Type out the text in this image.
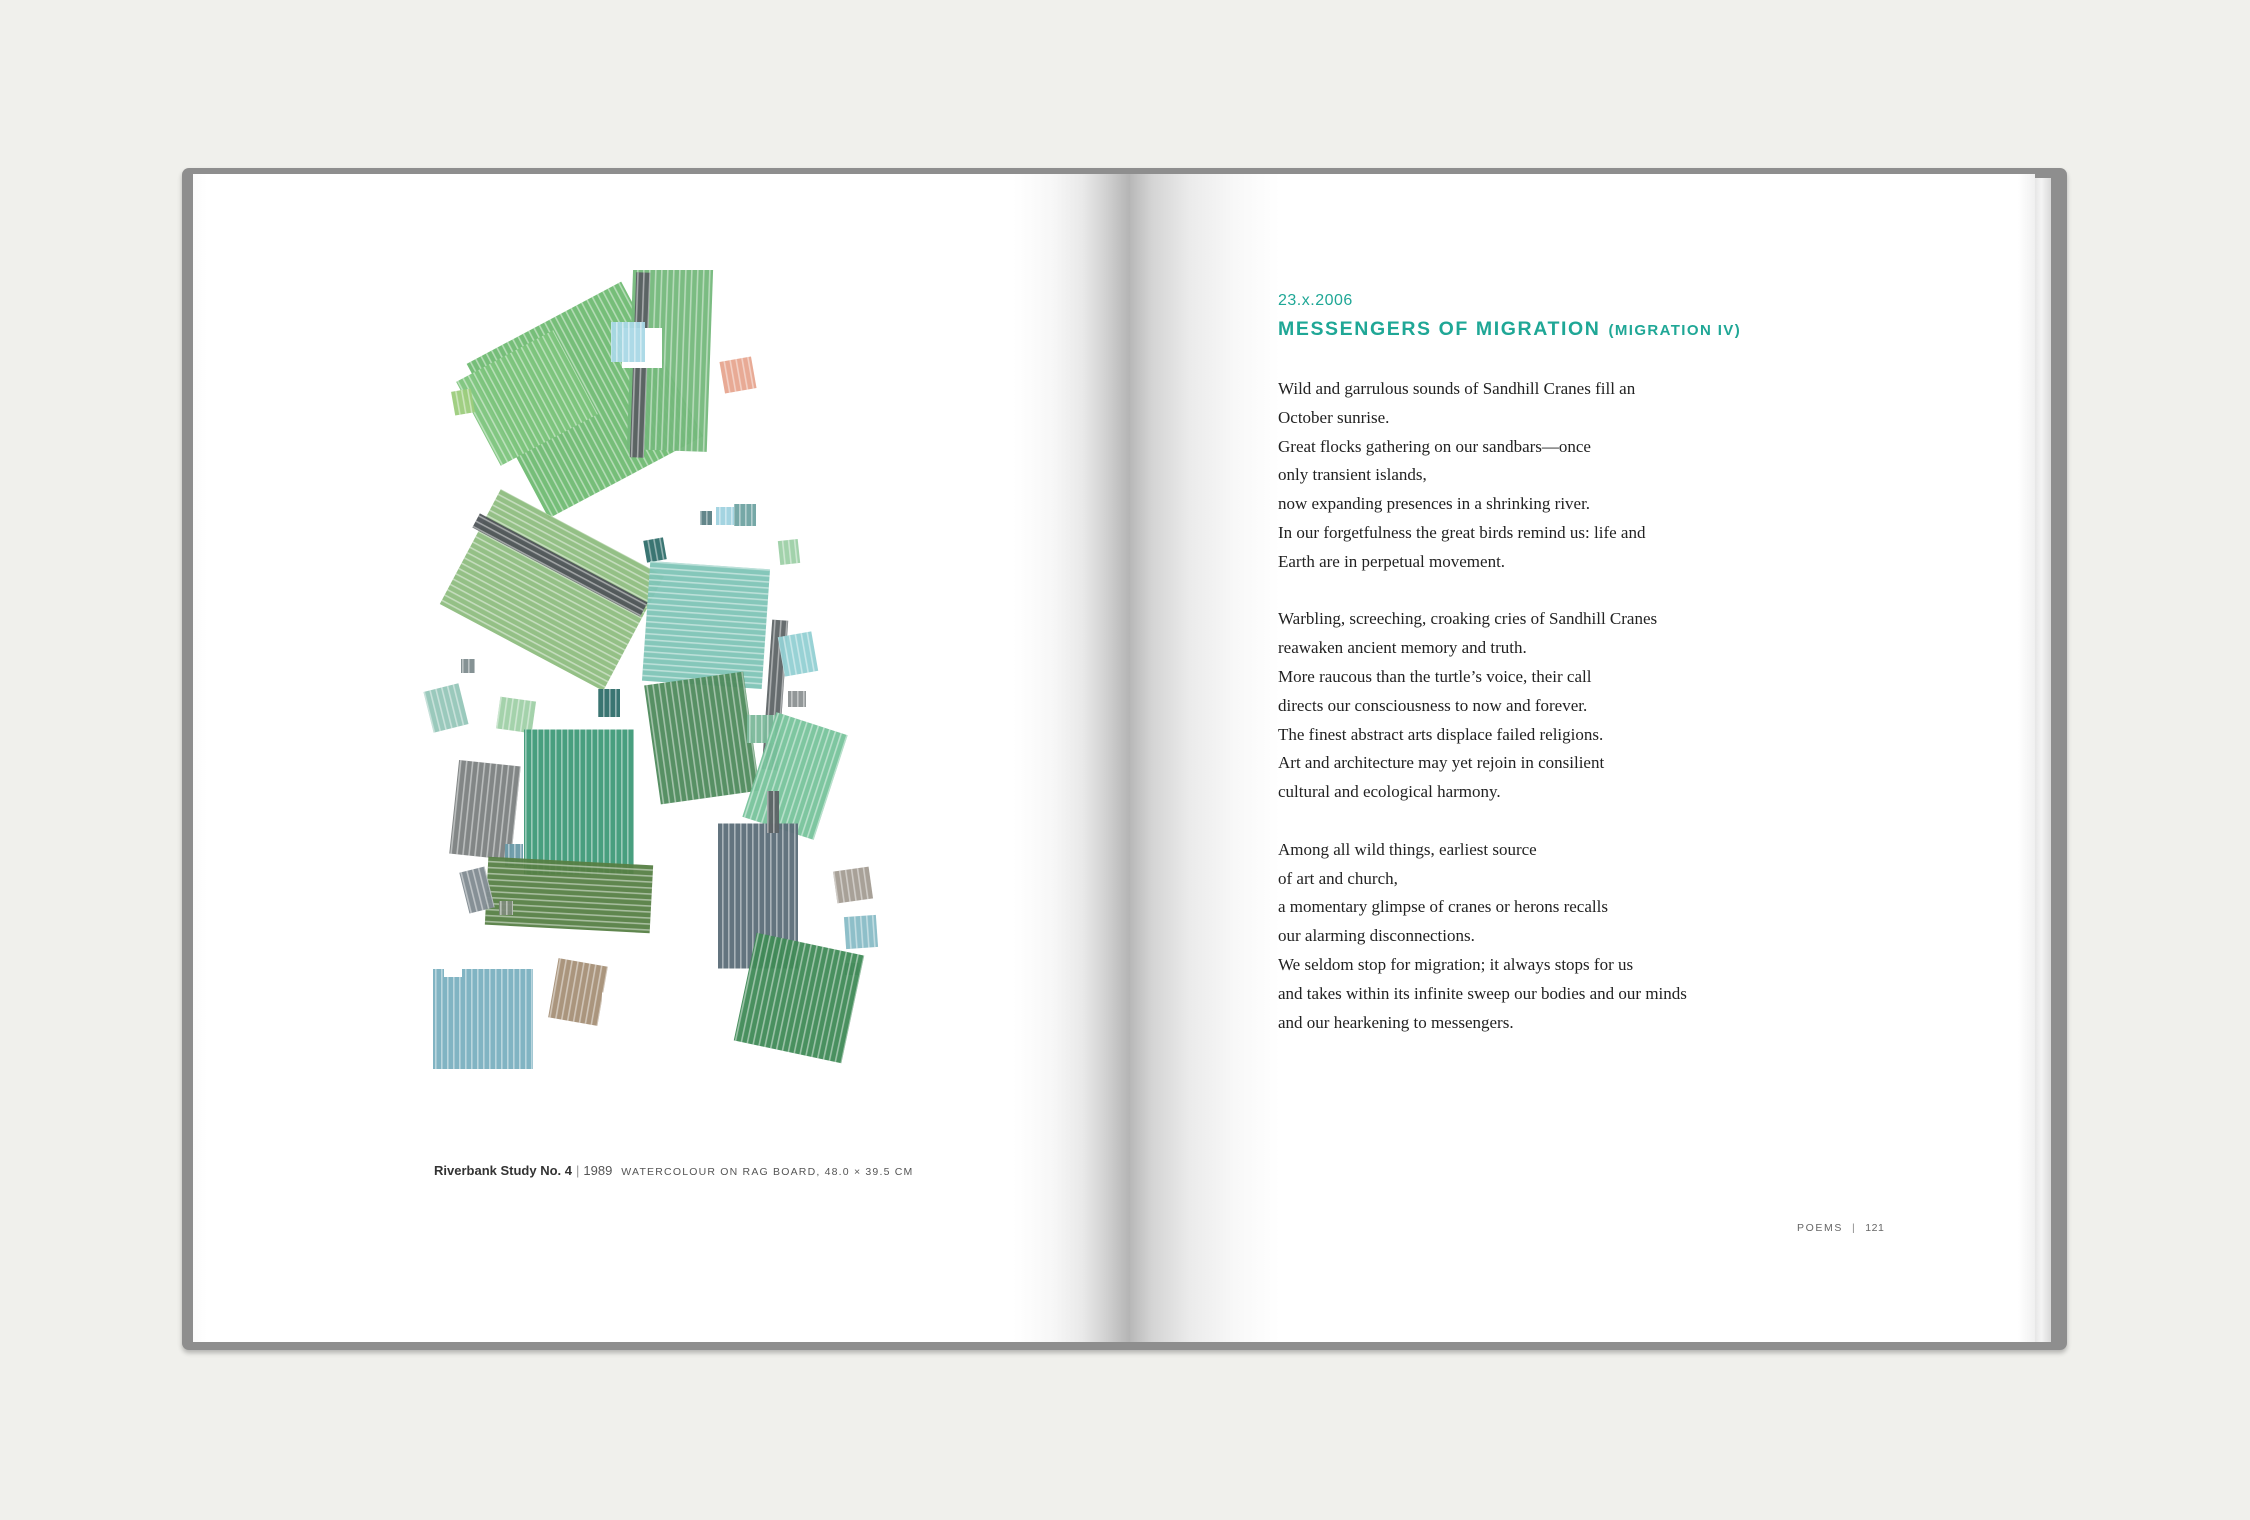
Riverbank Study No. 4 | 1989 WATERCOLOUR ON RAG BOARD, 48.0 × 39.5 CM
23.x.2006
MESSENGERS OF MIGRATION (MIGRATION IV)
Wild and garrulous sounds of Sandhill Cranes fill an
October sunrise.
Great flocks gathering on our sandbars—once
only transient islands,
now expanding presences in a shrinking river.
In our forgetfulness the great birds remind us: life and
Earth are in perpetual movement.
Warbling, screeching, croaking cries of Sandhill Cranes
reawaken ancient memory and truth.
More raucous than the turtle’s voice, their call
directs our consciousness to now and forever.
The finest abstract arts displace failed religions.
Art and architecture may yet rejoin in consilient
cultural and ecological harmony.
Among all wild things, earliest source
of art and church,
a momentary glimpse of cranes or herons recalls
our alarming disconnections.
We seldom stop for migration; it always stops for us
and takes within its infinite sweep our bodies and our minds
and our hearkening to messengers.
POEMS | 121
